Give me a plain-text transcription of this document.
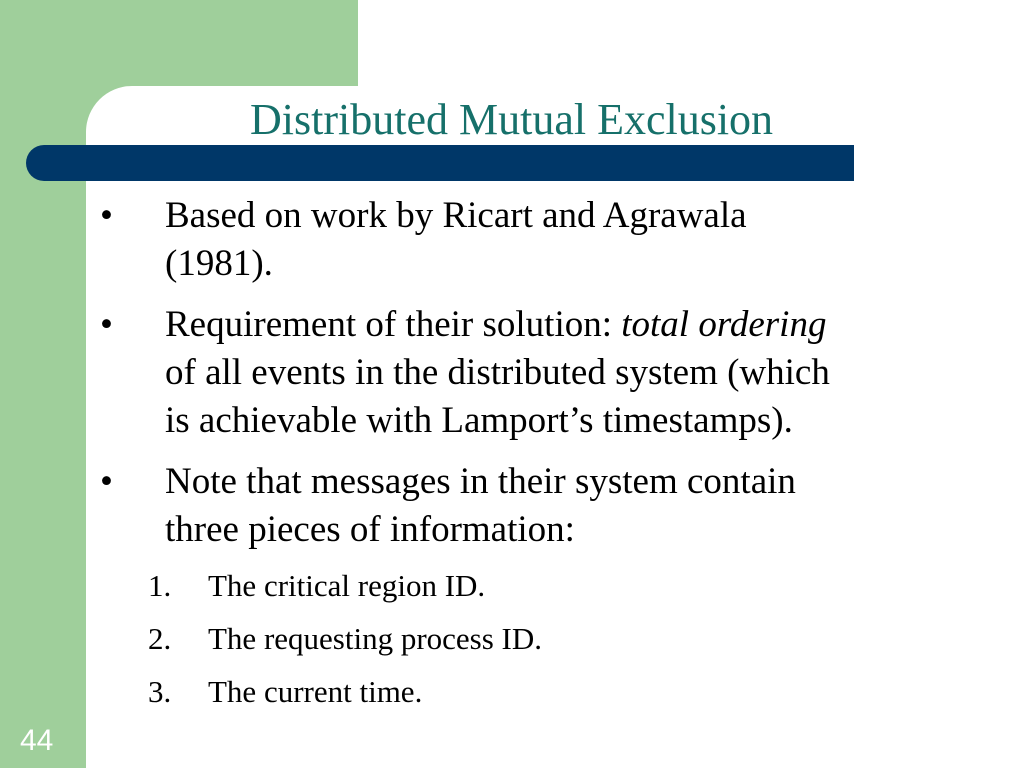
Distributed Mutual Exclusion
• Based on work by Ricart and Agrawala
(1981).
• Requirement of their solution: total ordering
of all events in the distributed system (which
is achievable with Lamport’s timestamps).
• Note that messages in their system contain
three pieces of information:
1. The critical region ID.
2. The requesting process ID.
3. The current time.
44
